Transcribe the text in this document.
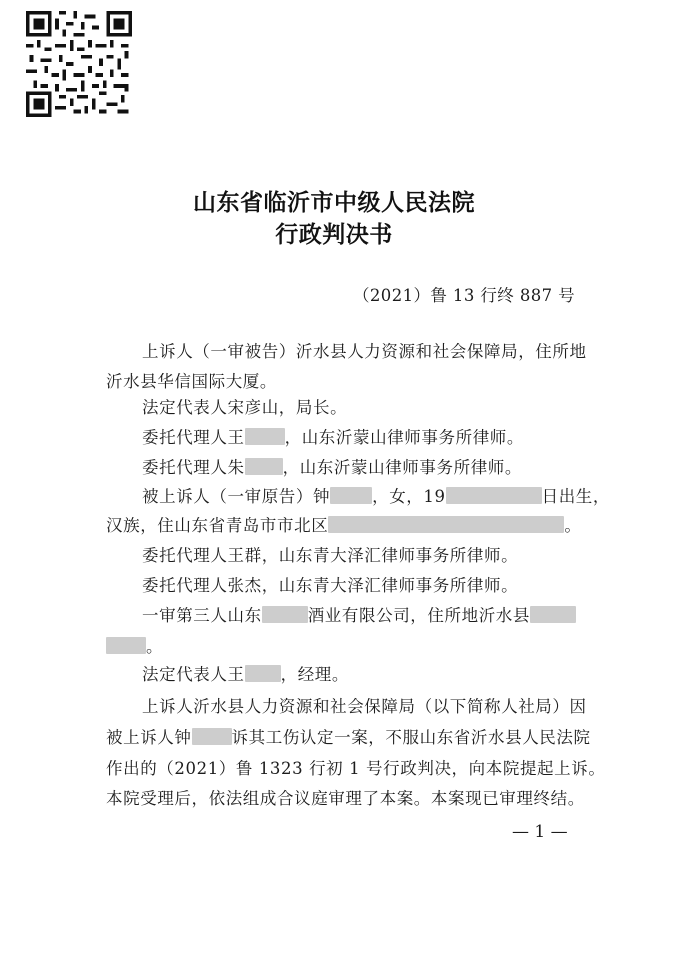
山东省临沂市中级人民法院
行政判决书
（2021）鲁 13 行终 887 号
上诉人（一审被告）沂水县人力资源和社会保障局，住所地
沂水县华信国际大厦。
法定代表人宋彦山，局长。
委托代理人王 ，山东沂蒙山律师事务所律师。
委托代理人朱 ，山东沂蒙山律师事务所律师。
被上诉人（一审原告）钟	，女，19	日出生，
汉族，住山东省青岛市市北区	。
委托代理人王群，山东青大泽汇律师事务所律师。
委托代理人张杰，山东青大泽汇律师事务所律师。
一审第三人山东	酒业有限公司，住所地沂水县
。
法定代表人王 ，经理。
上诉人沂水县人力资源和社会保障局（以下简称人社局）因
被上诉人钟 诉其工伤认定一案，不服山东省沂水县人民法院
作出的（2021）鲁 1323 行初 1 号行政判决，向本院提起上诉。
本院受理后，依法组成合议庭审理了本案。本案现已审理终结。
— 1 —
